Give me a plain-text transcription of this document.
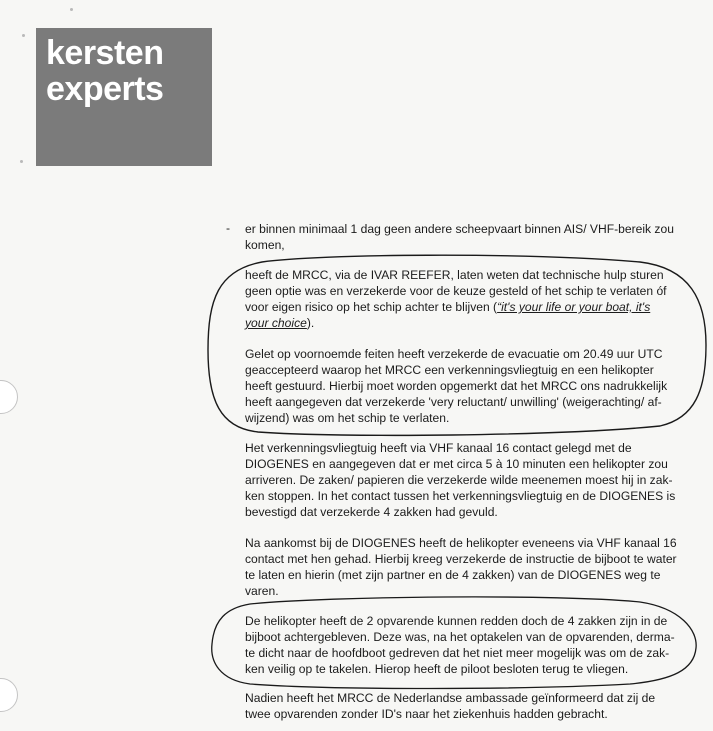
kersten
experts
- er binnen minimaal 1 dag geen andere scheepvaart binnen AIS/ VHF-bereik zou
komen,
heeft de MRCC, via de IVAR REEFER, laten weten dat technische hulp sturen
geen optie was en verzekerde voor de keuze gesteld of het schip te verlaten óf
voor eigen risico op het schip achter te blijven (“it's your life or your boat, it's
your choice).
Gelet op voornoemde feiten heeft verzekerde de evacuatie om 20.49 uur UTC
geaccepteerd waarop het MRCC een verkenningsvliegtuig en een helikopter
heeft gestuurd. Hierbij moet worden opgemerkt dat het MRCC ons nadrukkelijk
heeft aangegeven dat verzekerde 'very reluctant/ unwilling' (weigerachting/ af-
wijzend) was om het schip te verlaten.
Het verkenningsvliegtuig heeft via VHF kanaal 16 contact gelegd met de
DIOGENES en aangegeven dat er met circa 5 à 10 minuten een helikopter zou
arriveren. De zaken/ papieren die verzekerde wilde meenemen moest hij in zak-
ken stoppen. In het contact tussen het verkenningsvliegtuig en de DIOGENES is
bevestigd dat verzekerde 4 zakken had gevuld.
Na aankomst bij de DIOGENES heeft de helikopter eveneens via VHF kanaal 16
contact met hen gehad. Hierbij kreeg verzekerde de instructie de bijboot te water
te laten en hierin (met zijn partner en de 4 zakken) van de DIOGENES weg te
varen.
De helikopter heeft de 2 opvarende kunnen redden doch de 4 zakken zijn in de
bijboot achtergebleven. Deze was, na het optakelen van de opvarenden, derma-
te dicht naar de hoofdboot gedreven dat het niet meer mogelijk was om de zak-
ken veilig op te takelen. Hierop heeft de piloot besloten terug te vliegen.
Nadien heeft het MRCC de Nederlandse ambassade geïnformeerd dat zij de
twee opvarenden zonder ID's naar het ziekenhuis hadden gebracht.
